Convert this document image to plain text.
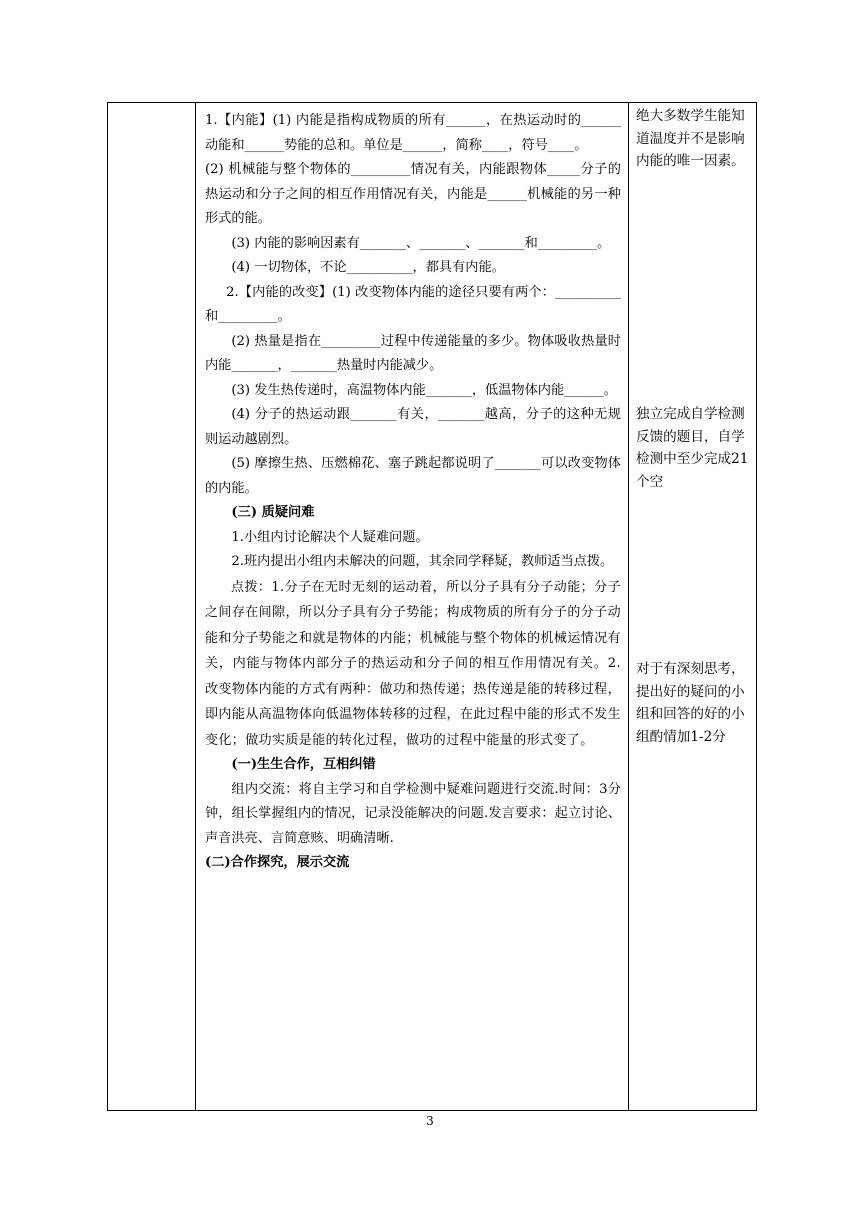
1.【内能】(1) 内能是指构成物质的所有______，在热运动时的______动能和______势能的总和。单位是______，简称____，符号____。

(2) 机械能与整个物体的_________情况有关，内能跟物体_____分子的热运动和分子之间的相互作用情况有关，内能是______机械能的另一种形式的能。

(3) 内能的影响因素有_______、_______、_______和_________。

(4) 一切物体，不论__________，都具有内能。

2.【内能的改变】(1) 改变物体内能的途径只要有两个：__________和_________。

(2) 热量是指在_________过程中传递能量的多少。物体吸收热量时内能_______，_______热量时内能减少。

(3) 发生热传递时，高温物体内能_______，低温物体内能______。

(4) 分子的热运动跟_______有关，_______越高，分子的这种无规则运动越剧烈。

(5) 摩擦生热、压燃棉花、塞子跳起都说明了_______可以改变物体的内能。

(三) 质疑问难

1.小组内讨论解决个人疑难问题。

2.班内提出小组内未解决的问题，其余同学释疑，教师适当点拨。

点拨：1.分子在无时无刻的运动着，所以分子具有分子动能；分子之间存在间隙，所以分子具有分子势能；构成物质的所有分子的分子动能和分子势能之和就是物体的内能；机械能与整个物体的机械运情况有关，内能与物体内部分子的热运动和分子间的相互作用情况有关。2. 改变物体内能的方式有两种：做功和热传递；热传递是能的转移过程，即内能从高温物体向低温物体转移的过程，在此过程中能的形式不发生变化；做功实质是能的转化过程，做功的过程中能量的形式变了。

(一)生生合作，互相纠错

组内交流：将自主学习和自学检测中疑难问题进行交流.时间：3分钟，组长掌握组内的情况，记录没能解决的问题.发言要求：起立讨论、声音洪亮、言简意赅、明确清晰.

(二)合作探究，展示交流

绝大多数学生能知道温度并不是影响内能的唯一因素。
独立完成自学检测反馈的题目，自学检测中至少完成21个空
对于有深刻思考，提出好的疑问的小组和回答的好的小组酌情加1-2分
3
